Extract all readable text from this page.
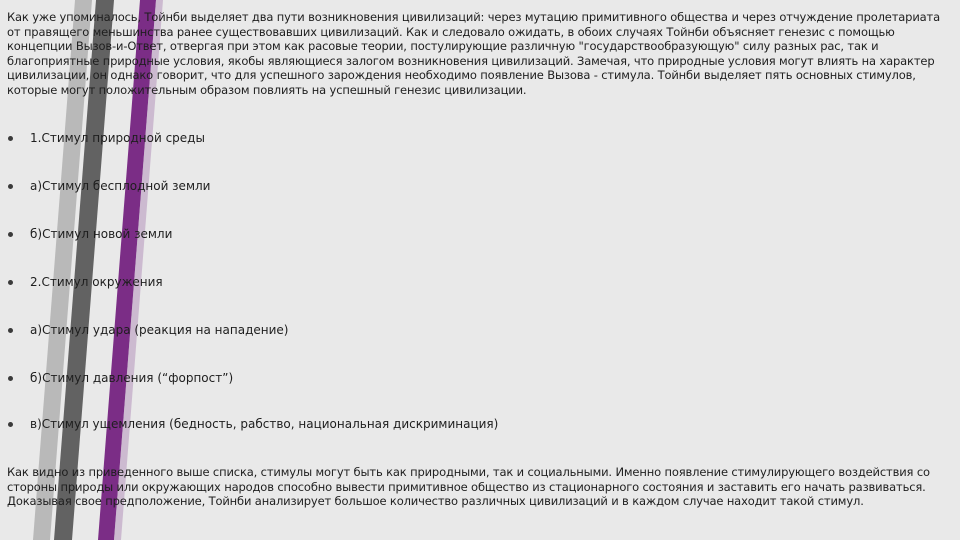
Как уже упоминалось, Тойнби выделяет два пути возникновения цивилизаций: через мутацию примитивного общества и через отчуждение пролетариата от правящего меньшинства ранее существовавших цивилизаций. Как и следовало ожидать, в обоих случаях Тойнби объясняет генезис с помощью концепции Вызов-и-Ответ, отвергая при этом как расовые теории, постулирующие различную "государствообразующую" силу разных рас, так и благоприятные природные условия, якобы являющиеся залогом возникновения цивилизаций. Замечая, что природные условия могут влиять на характер цивилизации, он однако говорит, что для успешного зарождения необходимо появление Вызова - стимула. Тойнби выделяет пять основных стимулов, которые могут положительным образом повлиять на успешный генезис цивилизации.

1.Стимул природной среды
а)Стимул бесплодной земли
б)Стимул новой земли
2.Стимул окружения
а)Стимул удара (реакция на нападение)
б)Стимул давления (“форпост”)
в)Стимул ущемления (бедность, рабство, национальная дискриминация)

Как видно из приведенного выше списка, стимулы могут быть как природными, так и социальными. Именно появление стимулирующего воздействия со стороны природы или окружающих народов способно вывести примитивное общество из стационарного состояния и заставить его начать развиваться. Доказывая свое предположение, Тойнби анализирует большое количество различных цивилизаций и в каждом случае находит такой стимул.
